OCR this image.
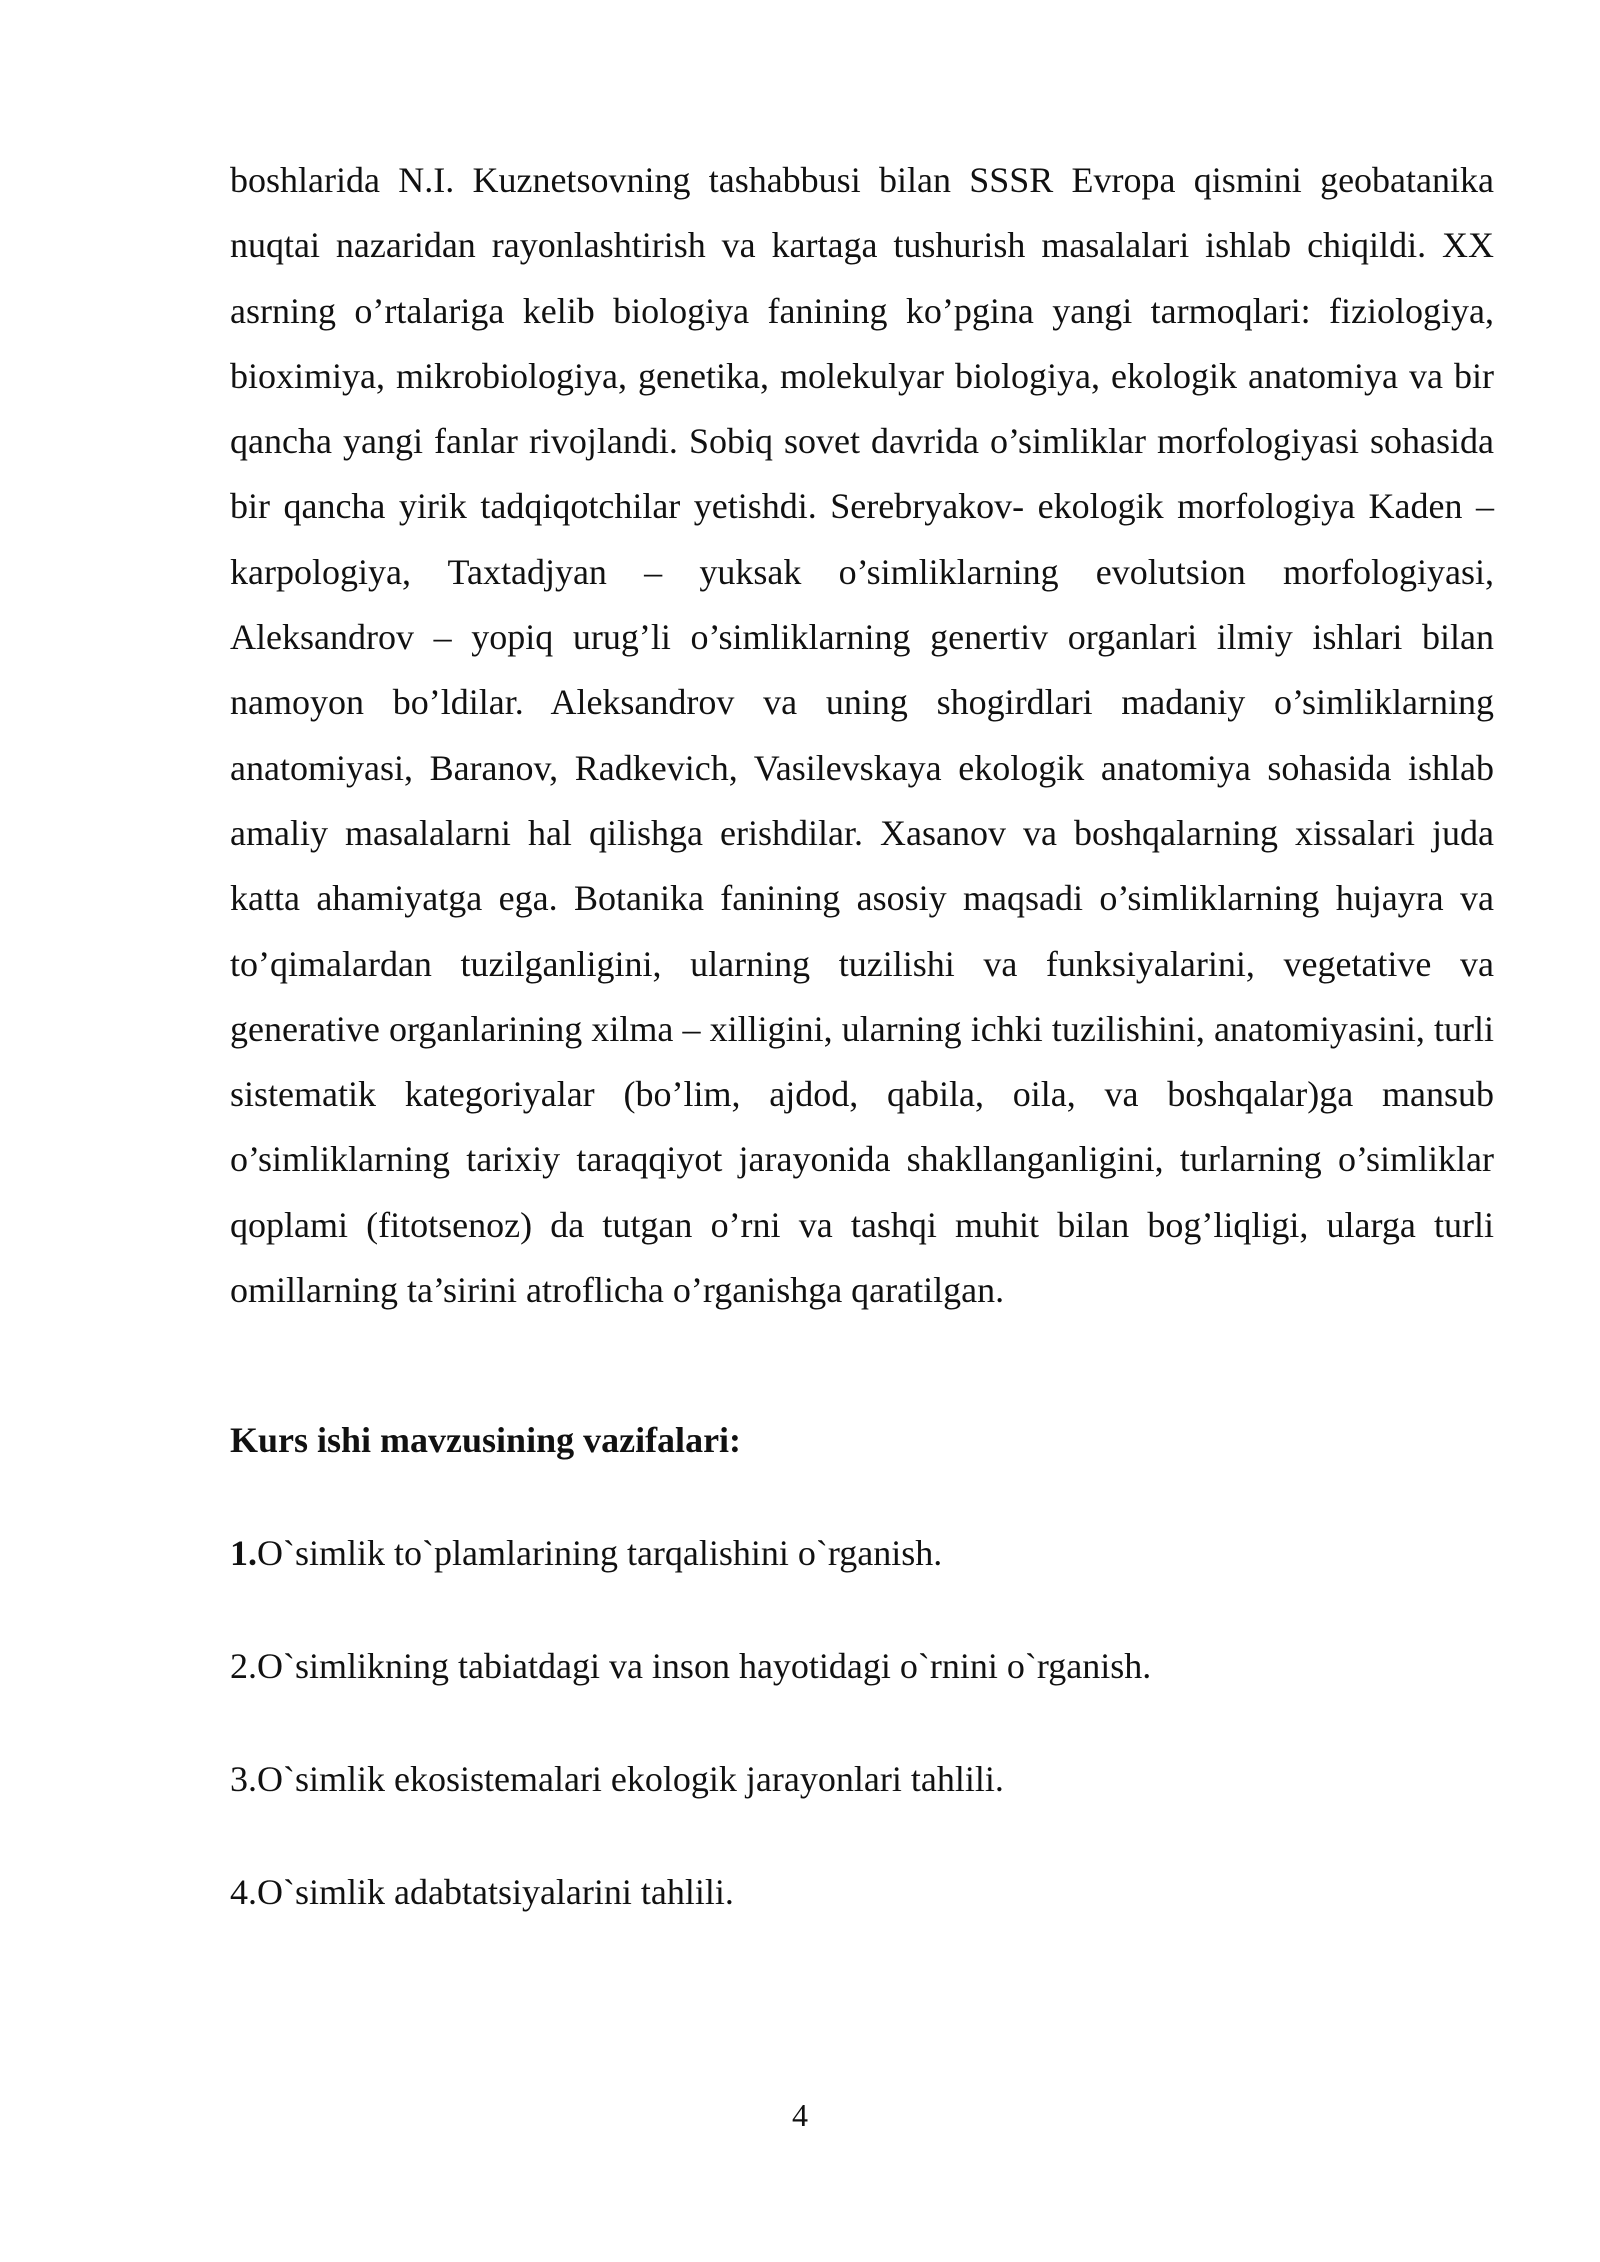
boshlarida N.I. Kuznetsovning tashabbusi bilan SSSR Evropa qismini geobatanika nuqtai nazaridan rayonlashtirish va kartaga tushurish masalalari ishlab chiqildi. XX asrning o’rtalariga kelib biologiya fanining ko’pgina yangi tarmoqlari: fiziologiya, bioximiya, mikrobiologiya, genetika, molekulyar biologiya, ekologik anatomiya va bir qancha yangi fanlar rivojlandi. Sobiq sovet davrida o’simliklar morfologiyasi sohasida bir qancha yirik tadqiqotchilar yetishdi. Serebryakov- ekologik morfologiya Kaden – karpologiya, Taxtadjyan – yuksak o’simliklarning evolutsion morfologiyasi, Aleksandrov – yopiq urug’li o’simliklarning genertiv organlari ilmiy ishlari bilan namoyon bo’ldilar. Aleksandrov va uning shogirdlari madaniy o’simliklarning anatomiyasi, Baranov, Radkevich, Vasilevskaya ekologik anatomiya sohasida ishlab amaliy masalalarni hal qilishga erishdilar. Xasanov va boshqalarning xissalari juda katta ahamiyatga ega. Botanika fanining asosiy maqsadi o’simliklarning hujayra va to’qimalardan tuzilganligini, ularning tuzilishi va funksiyalarini, vegetative va generative organlarining xilma – xilligini, ularning ichki tuzilishini, anatomiyasini, turli sistematik kategoriyalar (bo’lim, ajdod, qabila, oila, va boshqalar)ga mansub o’simliklarning tarixiy taraqqiyot jarayonida shakllanganligini, turlarning o’simliklar qoplami (fitotsenoz) da tutgan o’rni va tashqi muhit bilan bog’liqligi, ularga turli omillarning ta’sirini atroflicha o’rganishga qaratilgan.

Kurs ishi mavzusining vazifalari:

1.O`simlik to`plamlarining tarqalishini o`rganish.

2.O`simlikning tabiatdagi va inson hayotidagi o`rnini o`rganish.

3.O`simlik ekosistemalari ekologik jarayonlari tahlili.

4.O`simlik adabtatsiyalarini tahlili.

4
